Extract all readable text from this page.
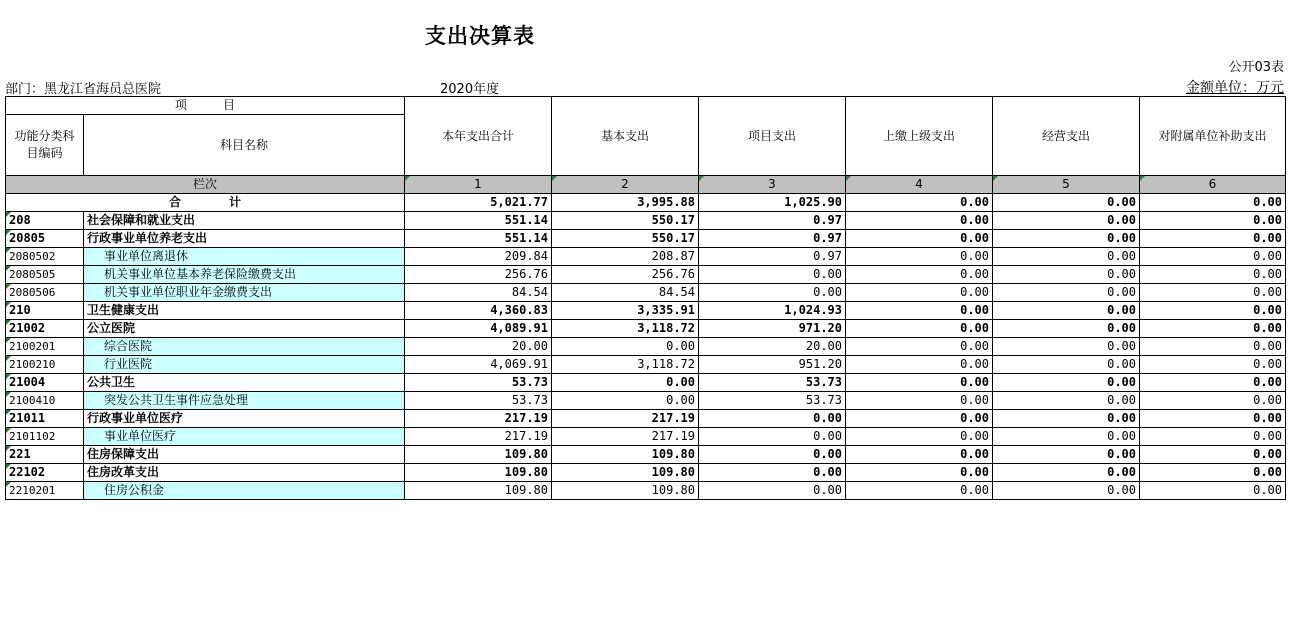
支出决算表
公开03表
部门：黑龙江省海员总医院	2020年度	金额单位：万元
项　　　目		本年支出合计	基本支出	项目支出	上缴上级支出	经营支出	对附属单位补助支出
功能分类科目编码	科目名称						

栏次		1	2	3	4	5	6
合　　　　计		5,021.77	3,995.88	1,025.90	0.00	0.00	0.00
208	社会保障和就业支出	551.14	550.17	0.97	0.00	0.00	0.00
20805	行政事业单位养老支出	551.14	550.17	0.97	0.00	0.00	0.00
2080502	事业单位离退休	209.84	208.87	0.97	0.00	0.00	0.00
2080505	机关事业单位基本养老保险缴费支出	256.76	256.76	0.00	0.00	0.00	0.00
2080506	机关事业单位职业年金缴费支出	84.54	84.54	0.00	0.00	0.00	0.00
210	卫生健康支出	4,360.83	3,335.91	1,024.93	0.00	0.00	0.00
21002	公立医院	4,089.91	3,118.72	971.20	0.00	0.00	0.00
2100201	综合医院	20.00	0.00	20.00	0.00	0.00	0.00
2100210	行业医院	4,069.91	3,118.72	951.20	0.00	0.00	0.00
21004	公共卫生	53.73	0.00	53.73	0.00	0.00	0.00
2100410	突发公共卫生事件应急处理	53.73	0.00	53.73	0.00	0.00	0.00
21011	行政事业单位医疗	217.19	217.19	0.00	0.00	0.00	0.00
2101102	事业单位医疗	217.19	217.19	0.00	0.00	0.00	0.00
221	住房保障支出	109.80	109.80	0.00	0.00	0.00	0.00
22102	住房改革支出	109.80	109.80	0.00	0.00	0.00	0.00
2210201	住房公积金	109.80	109.80	0.00	0.00	0.00	0.00
